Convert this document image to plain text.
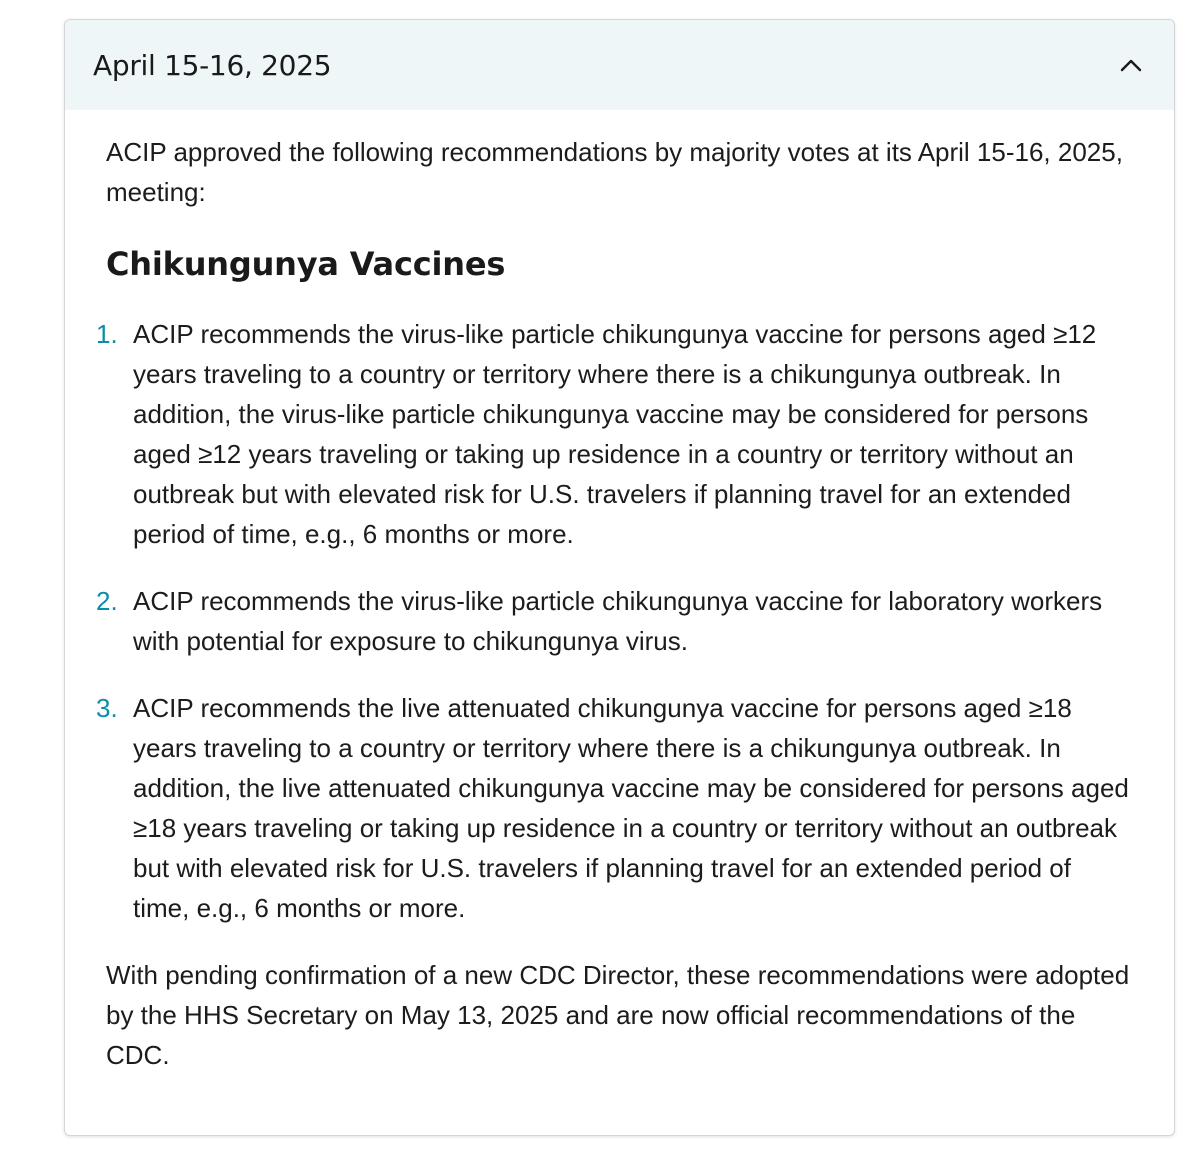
April 15-16, 2025

ACIP approved the following recommendations by majority votes at its April 15-16, 2025, meeting:

Chikungunya Vaccines
1. ACIP recommends the virus-like particle chikungunya vaccine for persons aged ≥12 years traveling to a country or territory where there is a chikungunya outbreak. In addition, the virus-like particle chikungunya vaccine may be considered for persons aged ≥12 years traveling or taking up residence in a country or territory without an outbreak but with elevated risk for U.S. travelers if planning travel for an extended period of time, e.g., 6 months or more.
2. ACIP recommends the virus-like particle chikungunya vaccine for laboratory workers with potential for exposure to chikungunya virus.
3. ACIP recommends the live attenuated chikungunya vaccine for persons aged ≥18 years traveling to a country or territory where there is a chikungunya outbreak. In addition, the live attenuated chikungunya vaccine may be considered for persons aged ≥18 years traveling or taking up residence in a country or territory without an outbreak but with elevated risk for U.S. travelers if planning travel for an extended period of time, e.g., 6 months or more.

With pending confirmation of a new CDC Director, these recommendations were adopted by the HHS Secretary on May 13, 2025 and are now official recommendations of the CDC.
